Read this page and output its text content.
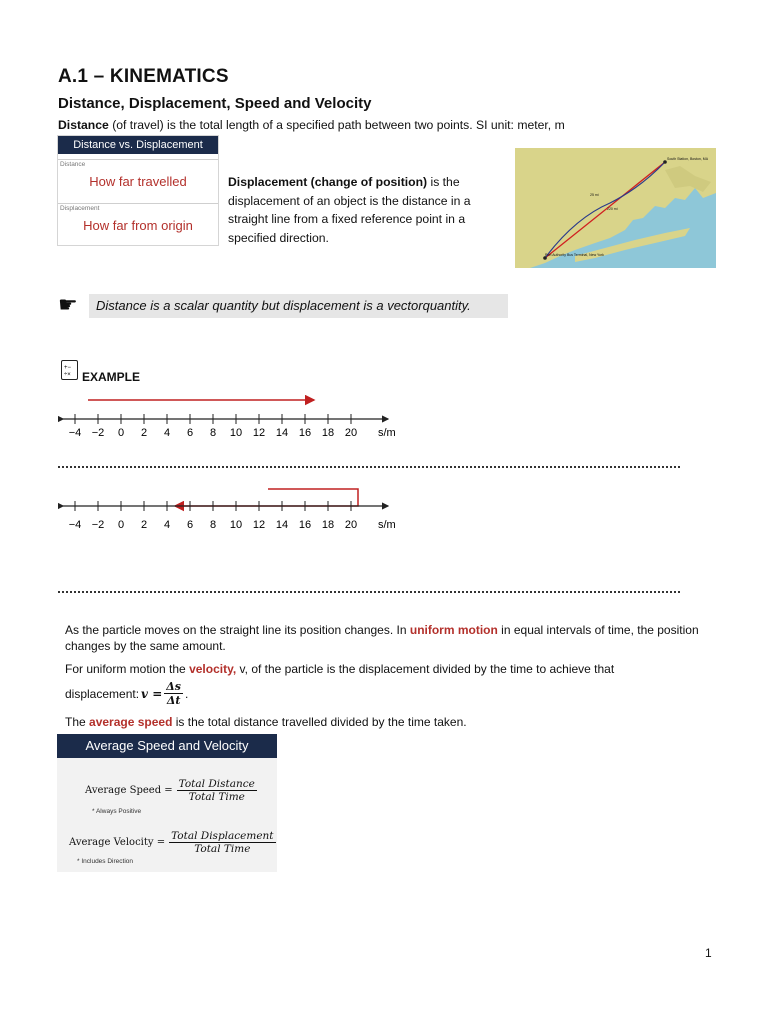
A.1 – KINEMATICS
Distance, Displacement, Speed and Velocity
Distance (of travel) is the total length of a specified path between two points. SI unit: meter, m
Distance vs. Displacement
Distance
How far travelled
Displacement
How far from origin
Displacement (change of position) is the displacement of an object is the distance in a straight line from a fixed reference point in a specified direction.
South Station, Boston, MA
25 mi
220 mi
Port Authority Bus Terminal, New York
☛ Distance is a scalar quantity but displacement is a vectorquantity.
+−
÷× EXAMPLE
−4 −2 0 2 4 6 8 10 12 14 16 18 20 s/m
−4 −2 0 2 4 6 8 10 12 14 16 18 20 s/m
As the particle moves on the straight line its position changes. In uniform motion in equal intervals of time, the position changes by the same amount.
For uniform motion the velocity, v, of the particle is the displacement divided by the time to achieve that
displacement: $v = \frac{\Delta s}{\Delta t}$ .
The average speed is the total distance travelled divided by the time taken.
Average Speed and Velocity
Average Speed =
Total Distance
Total Time
* Always Positive
Average Velocity =
Total Displacement
Total Time
* Includes Direction
1
